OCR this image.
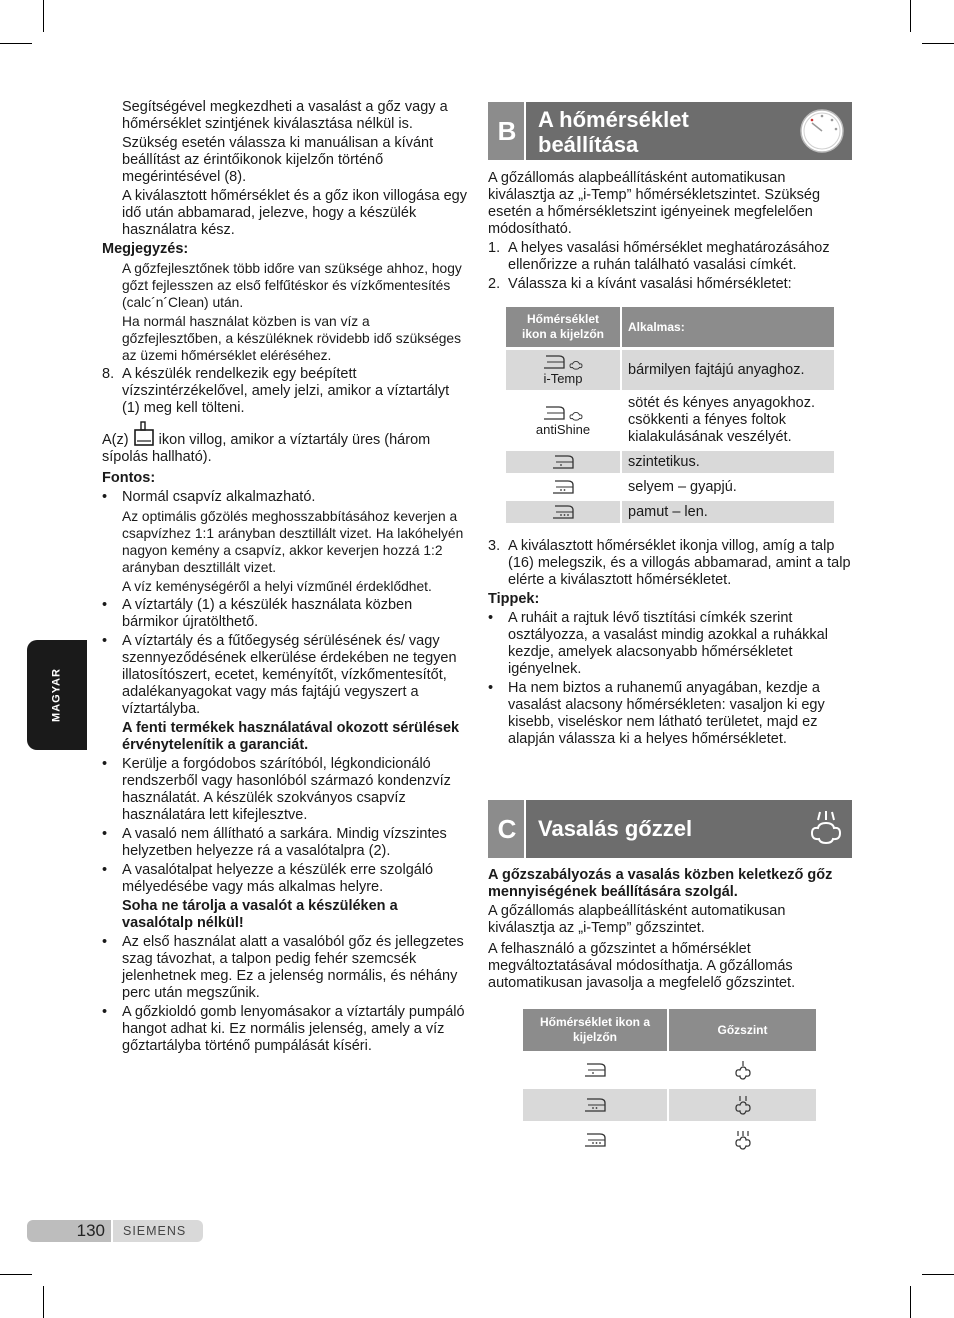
MAGYAR

Segítségével megkezdheti a vasalást a gőz vagy a hőmérséklet szintjének kiválasztása nélkül is.

Szükség esetén válassza ki manuálisan a kívánt beállítást az érintőikonok kijelzőn történő megérintésével (8).

A kiválasztott hőmérséklet és a gőz ikon villogása egy idő után abbamarad, jelezve, hogy a készülék használatra kész.

Megjegyzés:

A gőzfejlesztőnek több időre van szüksége ahhoz, hogy gőzt fejlesszen az első felfűtéskor és vízkőmentesítés (calc´n´Clean) után.

Ha normál használat közben is van víz a gőzfejlesztőben, a készüléknek rövidebb idő szükséges az üzemi hőmérséklet eléréséhez.

8. A készülék rendelkezik egy beépített vízszintérzékelővel, amely jelzi, amikor a víztartályt (1) meg kell tölteni.

A(z) ikon villog, amikor a víztartály üres (három sípolás hallható).

Fontos:

• Normál csapvíz alkalmazható.

Az optimális gőzölés meghosszabbításához keverjen a csapvízhez 1:1 arányban desztillált vizet. Ha lakóhelyén nagyon kemény a csapvíz, akkor keverjen hozzá 1:2 arányban desztillált vizet.

A víz keménységéről a helyi vízműnél érdeklődhet.

• A víztartály (1) a készülék használata közben bármikor újratölthető.
• A víztartály és a fűtőegység sérülésének és/ vagy szennyeződésének elkerülése érdekében ne tegyen illatosítószert, ecetet, keményítőt, vízkőmentesítőt, adalékanyagokat vagy más fajtájú vegyszert a víztartályba.

A fenti termékek használatával okozott sérülések érvénytelenítik a garanciát.

• Kerülje a forgódobos szárítóból, légkondicionáló rendszerből vagy hasonlóból származó kondenzvíz használatát. A készülék szokványos csapvíz használatára lett kifejlesztve.
• A vasaló nem állítható a sarkára. Mindig vízszintes helyzetben helyezze rá a vasalótalpra (2).
• A vasalótalpat helyezze a készülék erre szolgáló mélyedésébe vagy más alkalmas helyre.

Soha ne tárolja a vasalót a készüléken a vasalótalp nélkül!

• Az első használat alatt a vasalóból gőz és jellegzetes szag távozhat, a talpon pedig fehér szemcsék jelenhetnek meg. Ez a jelenség normális, és néhány perc után megszűnik.
• A gőzkioldó gomb lenyomásakor a víztartály pumpáló hangot adhat ki. Ez normális jelenség, amely a víz gőztartályba történő pumpálását kíséri.
B A hőmérséklet
beállítása

A gőzállomás alapbeállításként automatikusan kiválasztja az „i-Temp” hőmérsékletszintet. Szükség esetén a hőmérsékletszint igényeinek megfelelően módosítható.

1. A helyes vasalási hőmérséklet meghatározásához ellenőrizze a ruhán található vasalási címkét.
2. Válassza ki a kívánt vasalási hőmérsékletet:
Hőmérséklet ikon a kijelzőn	Alkalmas:

i-Temp	bármilyen fajtájú anyaghoz.

antiShine	sötét és kényes anyagokhoz. csökkenti a fényes foltok kialakulásának veszélyét.

	szintetikus.

	selyem – gyapjú.

	pamut – len.
3. A kiválasztott hőmérséklet ikonja villog, amíg a talp (16) melegszik, és a villogás abbamarad, amint a talp elérte a kiválasztott hőmérsékletet.

Tippek:

• A ruháit a rajtuk lévő tisztítási címkék szerint osztályozza, a vasalást mindig azokkal a ruhákkal kezdje, amelyek alacsonyabb hőmérsékletet igényelnek.
• Ha nem biztos a ruhanemű anyagában, kezdje a vasalást alacsony hőmérsékleten: vasaljon ki egy kisebb, viseléskor nem látható területet, majd ez alapján válassza ki a helyes hőmérsékletet.
C Vasalás gőzzel

A gőzszabályozás a vasalás közben keletkező gőz mennyiségének beállítására szolgál.

A gőzállomás alapbeállításként automatikusan kiválasztja az „i-Temp” gőzszintet.

A felhasználó a gőzszintet a hőmérséklet megváltoztatásával módosíthatja. A gőzállomás automatikusan javasolja a megfelelő gőzszintet.

Hőmérséklet ikon a kijelzőn	Gőzszint

130	SIEMENS
